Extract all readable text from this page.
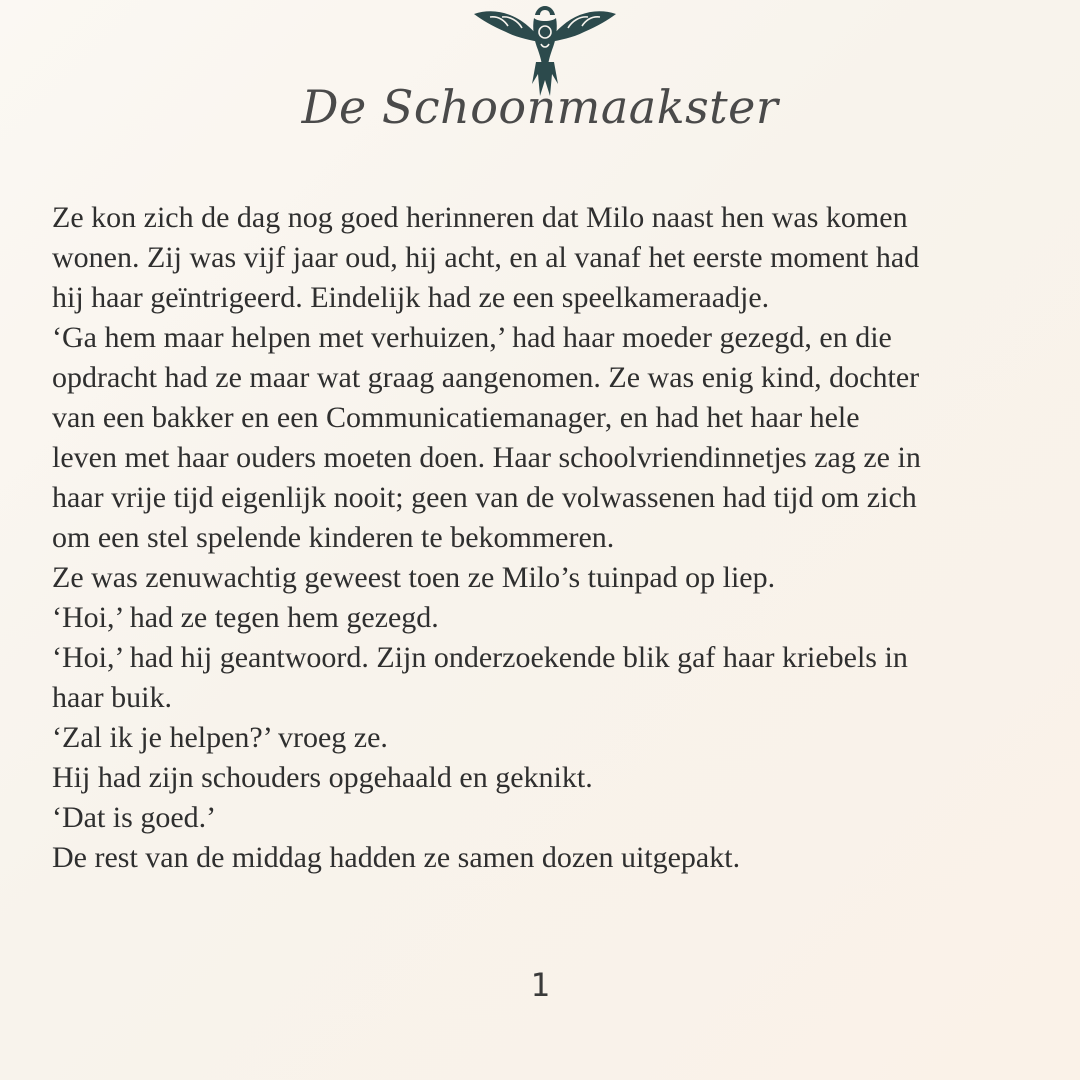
De Schoonmaakster
Ze kon zich de dag nog goed herinneren dat Milo naast hen was komen
wonen. Zij was vijf jaar oud, hij acht, en al vanaf het eerste moment had
hij haar geïntrigeerd. Eindelijk had ze een speelkameraadje.
‘Ga hem maar helpen met verhuizen,’ had haar moeder gezegd, en die
opdracht had ze maar wat graag aangenomen. Ze was enig kind, dochter
van een bakker en een Communicatiemanager, en had het haar hele
leven met haar ouders moeten doen. Haar schoolvriendinnetjes zag ze in
haar vrije tijd eigenlijk nooit; geen van de volwassenen had tijd om zich
om een stel spelende kinderen te bekommeren.
Ze was zenuwachtig geweest toen ze Milo’s tuinpad op liep.
‘Hoi,’ had ze tegen hem gezegd.
‘Hoi,’ had hij geantwoord. Zijn onderzoekende blik gaf haar kriebels in
haar buik.
‘Zal ik je helpen?’ vroeg ze.
Hij had zijn schouders opgehaald en geknikt.
‘Dat is goed.’
De rest van de middag hadden ze samen dozen uitgepakt.
1
